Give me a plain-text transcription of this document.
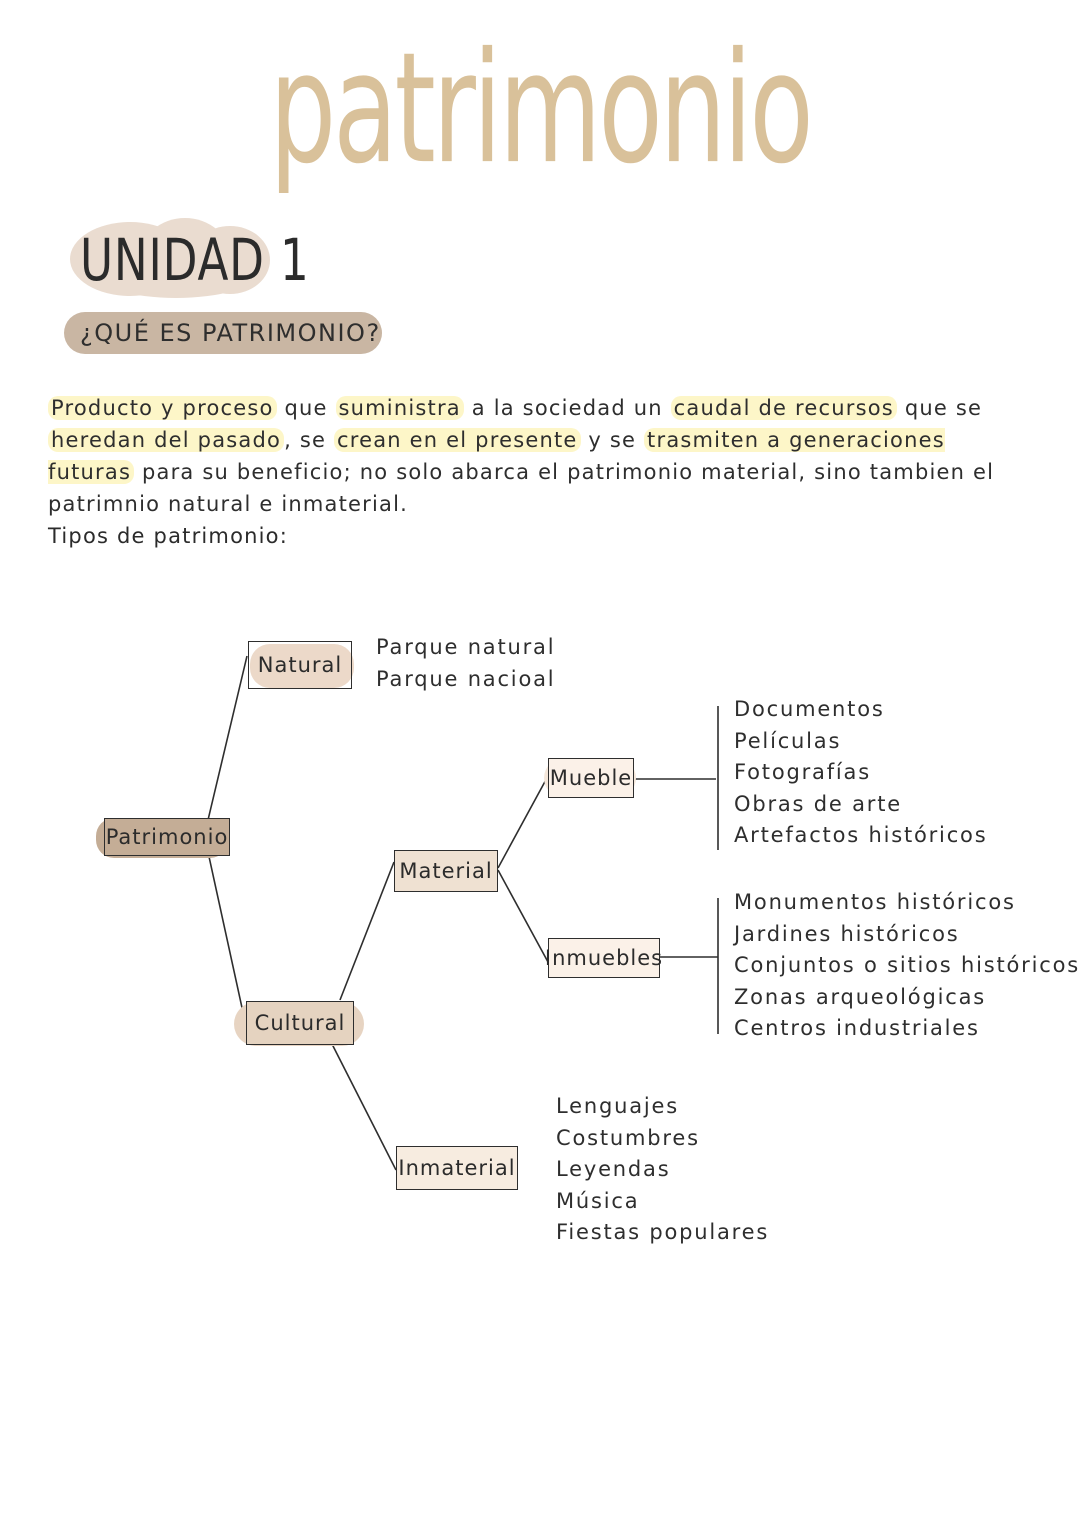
patrimonio
UNIDAD 1
¿QUÉ ES PATRIMONIO?
Producto y proceso que suministra a la sociedad un caudal de recursos que se heredan del pasado , se crean en el presente y se trasmiten a generaciones futuras para su beneficio; no solo abarca el patrimonio material, sino tambien el patrimnio natural e inmaterial.
Tipos de patrimonio:
Patrimonio
Natural
Cultural
Material
Inmaterial
Mueble
Inmuebles
Parque natural
Parque nacioal
Documentos
Películas
Fotografías
Obras de arte
Artefactos históricos
Monumentos históricos
Jardines históricos
Conjuntos o sitios históricos
Zonas arqueológicas
Centros industriales
Lenguajes
Costumbres
Leyendas
Música
Fiestas populares
